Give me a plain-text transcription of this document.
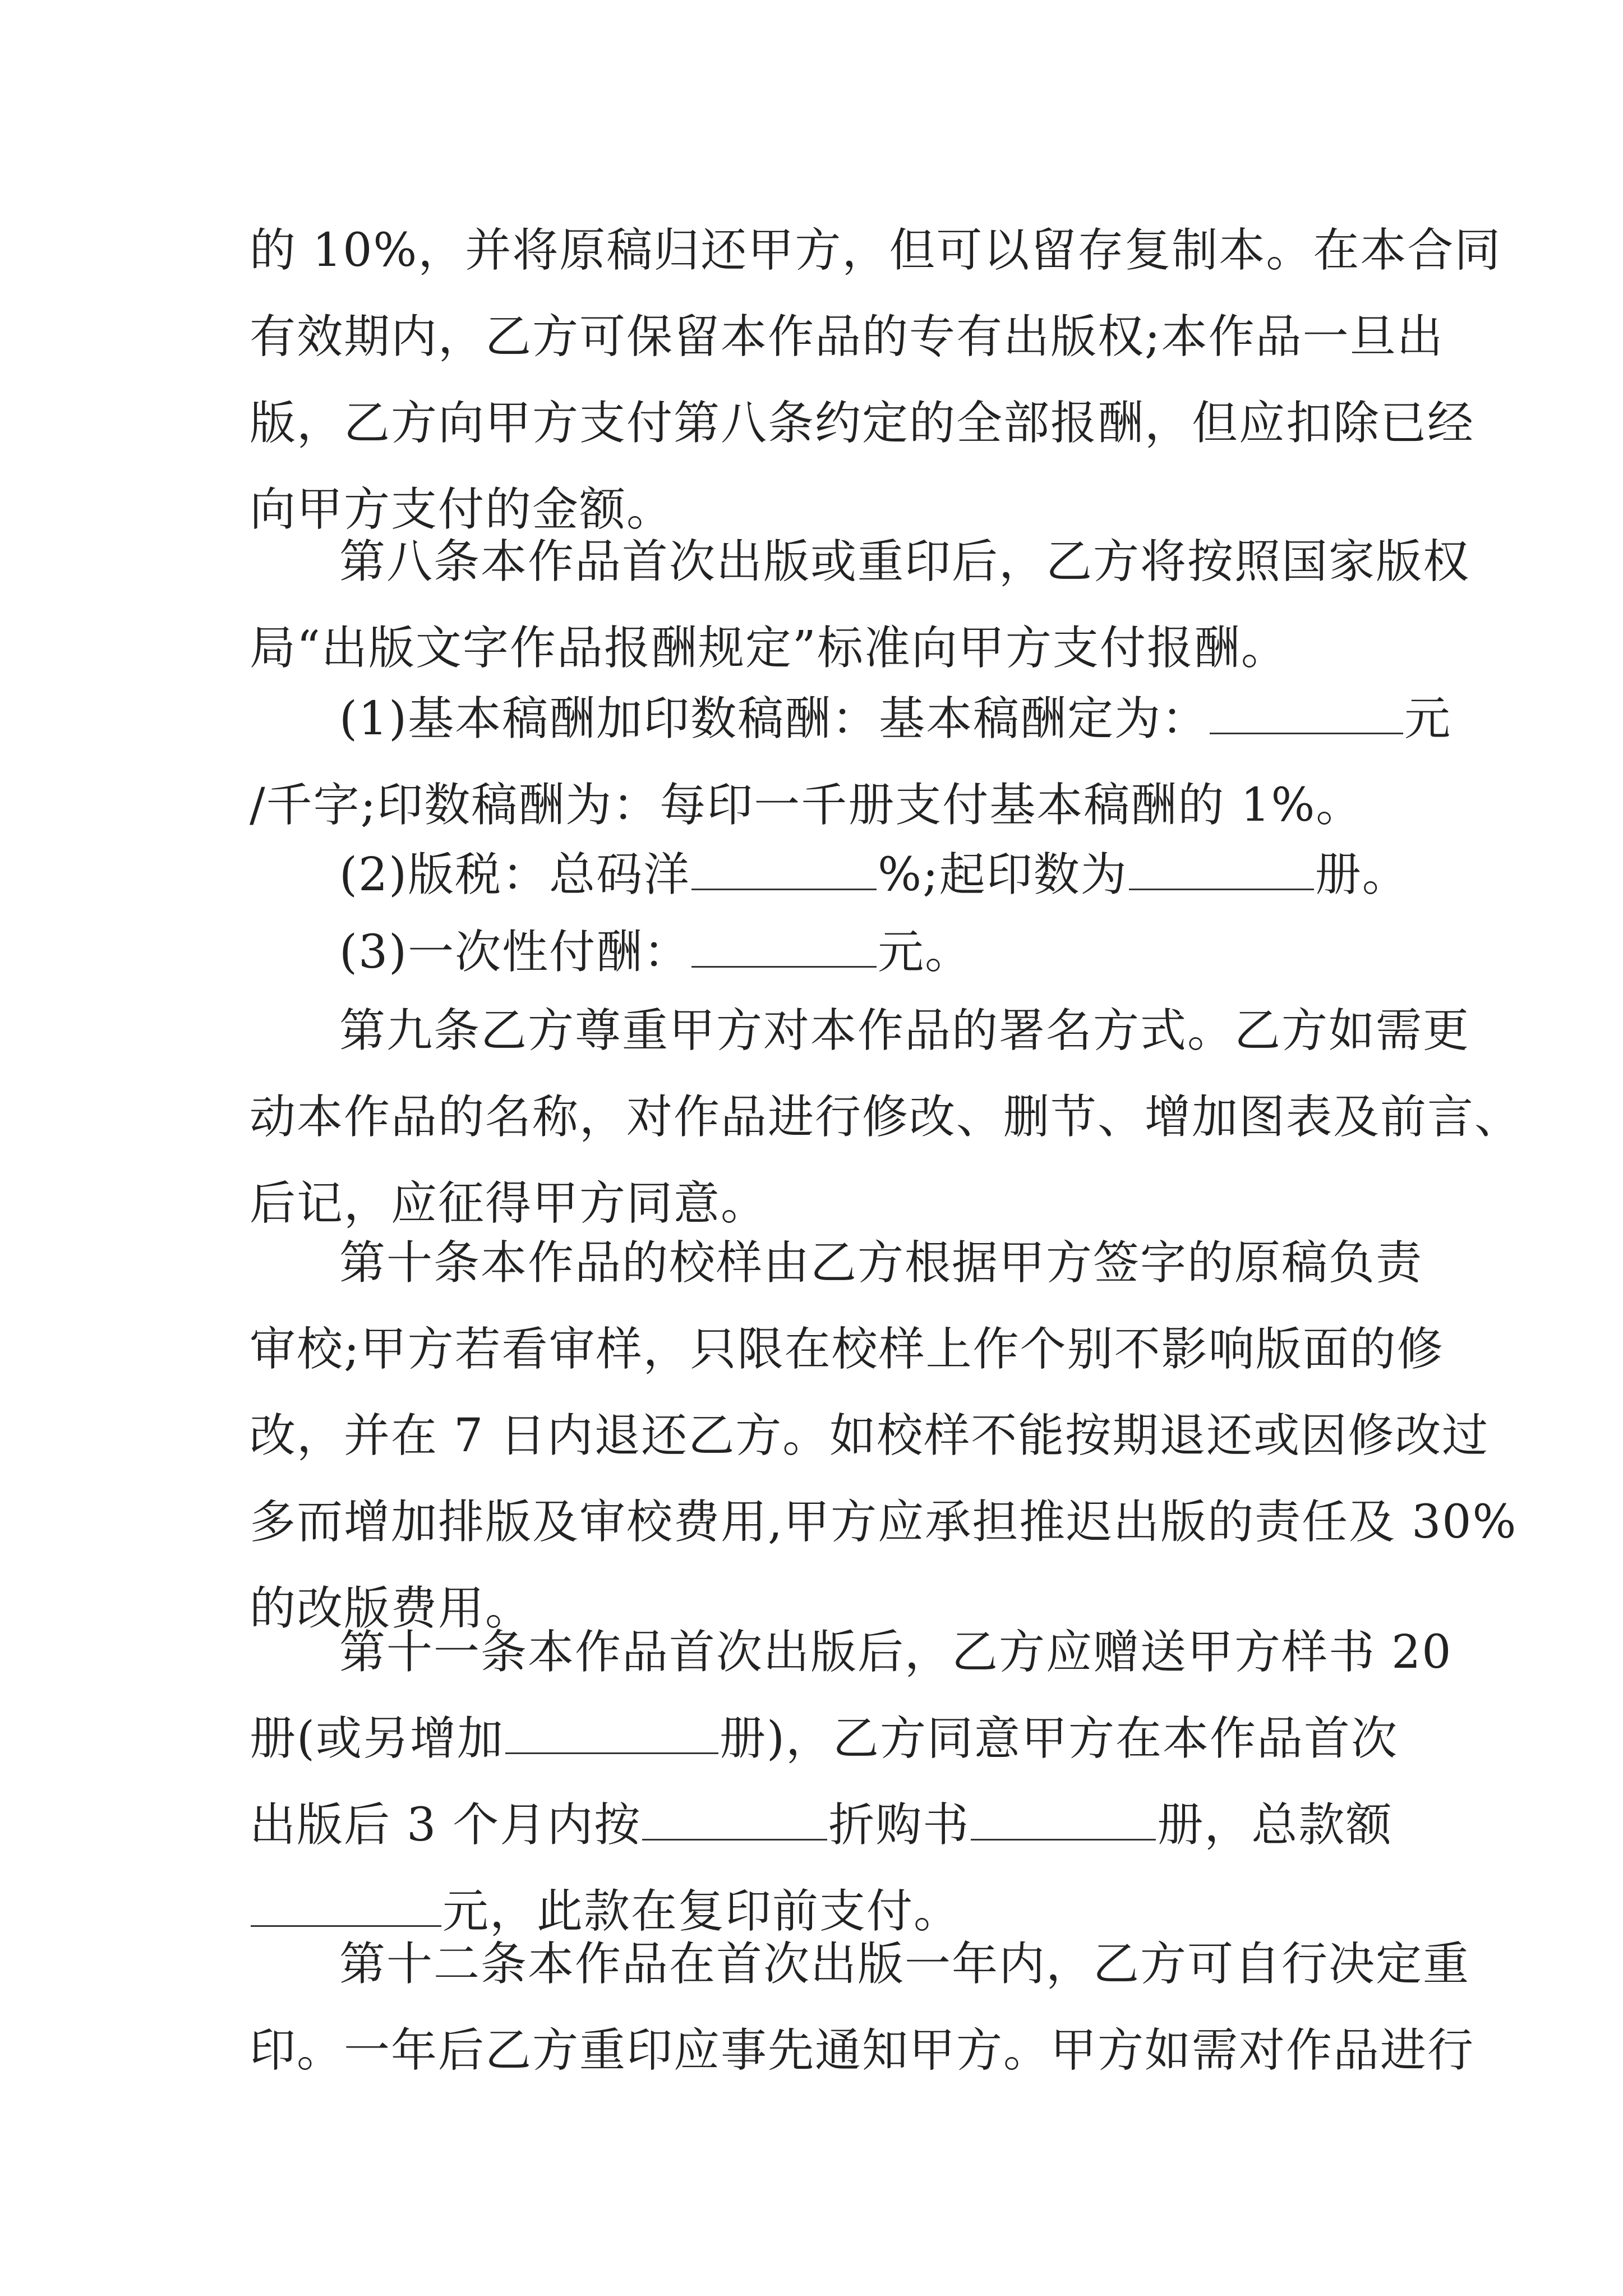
的 10%，并将原稿归还甲方，但可以留存复制本。在本合同
有效期内，乙方可保留本作品的专有出版权;本作品一旦出
版，乙方向甲方支付第八条约定的全部报酬，但应扣除已经
向甲方支付的金额。
第八条本作品首次出版或重印后，乙方将按照国家版权
局“出版文字作品报酬规定”标准向甲方支付报酬。
(1)基本稿酬加印数稿酬：基本稿酬定为：	元
/千字;印数稿酬为：每印一千册支付基本稿酬的 1%。
(2)版税：总码洋	%;起印数为	册。
(3)一次性付酬：	元。
第九条乙方尊重甲方对本作品的署名方式。乙方如需更
动本作品的名称，对作品进行修改、删节、增加图表及前言、
后记，应征得甲方同意。
第十条本作品的校样由乙方根据甲方签字的原稿负责
审校;甲方若看审样，只限在校样上作个别不影响版面的修
改，并在 7 日内退还乙方。如校样不能按期退还或因修改过
多而增加排版及审校费用,甲方应承担推迟出版的责任及 30%
的改版费用。
第十一条本作品首次出版后，乙方应赠送甲方样书 20
册(或另增加	册)，乙方同意甲方在本作品首次
出版后 3 个月内按	折购书	册，总款额
元，此款在复印前支付。
第十二条本作品在首次出版一年内，乙方可自行决定重
印。一年后乙方重印应事先通知甲方。甲方如需对作品进行
